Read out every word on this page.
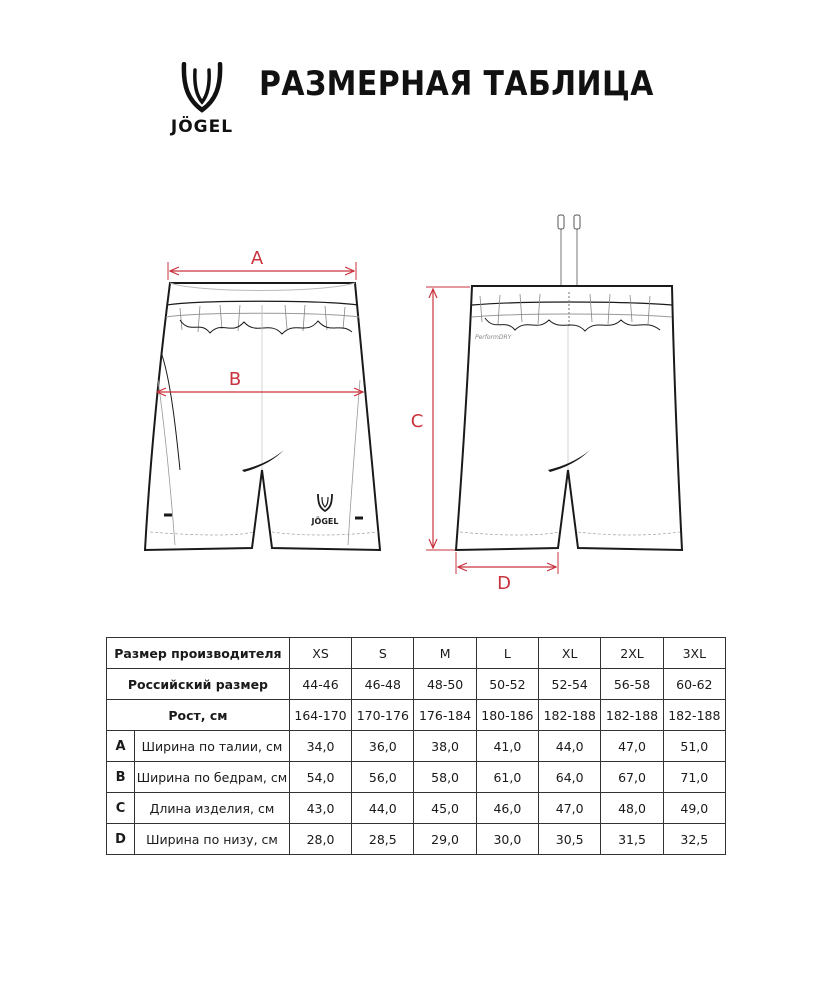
JÖGEL
РАЗМЕРНАЯ ТАБЛИЦА
JÖGEL
A
B
PerformDRY
C
D
Размер производителя		XS	S	M	L	XL	2XL	3XL
Российский размер		44-46	46-48	48-50	50-52	52-54	56-58	60-62
Рост, см		164-170	170-176	176-184	180-186	182-188	182-188	182-188
A	Ширина по талии, см	34,0	36,0	38,0	41,0	44,0	47,0	51,0
B	Ширина по бедрам, см	54,0	56,0	58,0	61,0	64,0	67,0	71,0
C	Длина изделия, см	43,0	44,0	45,0	46,0	47,0	48,0	49,0
D	Ширина по низу, см	28,0	28,5	29,0	30,0	30,5	31,5	32,5
